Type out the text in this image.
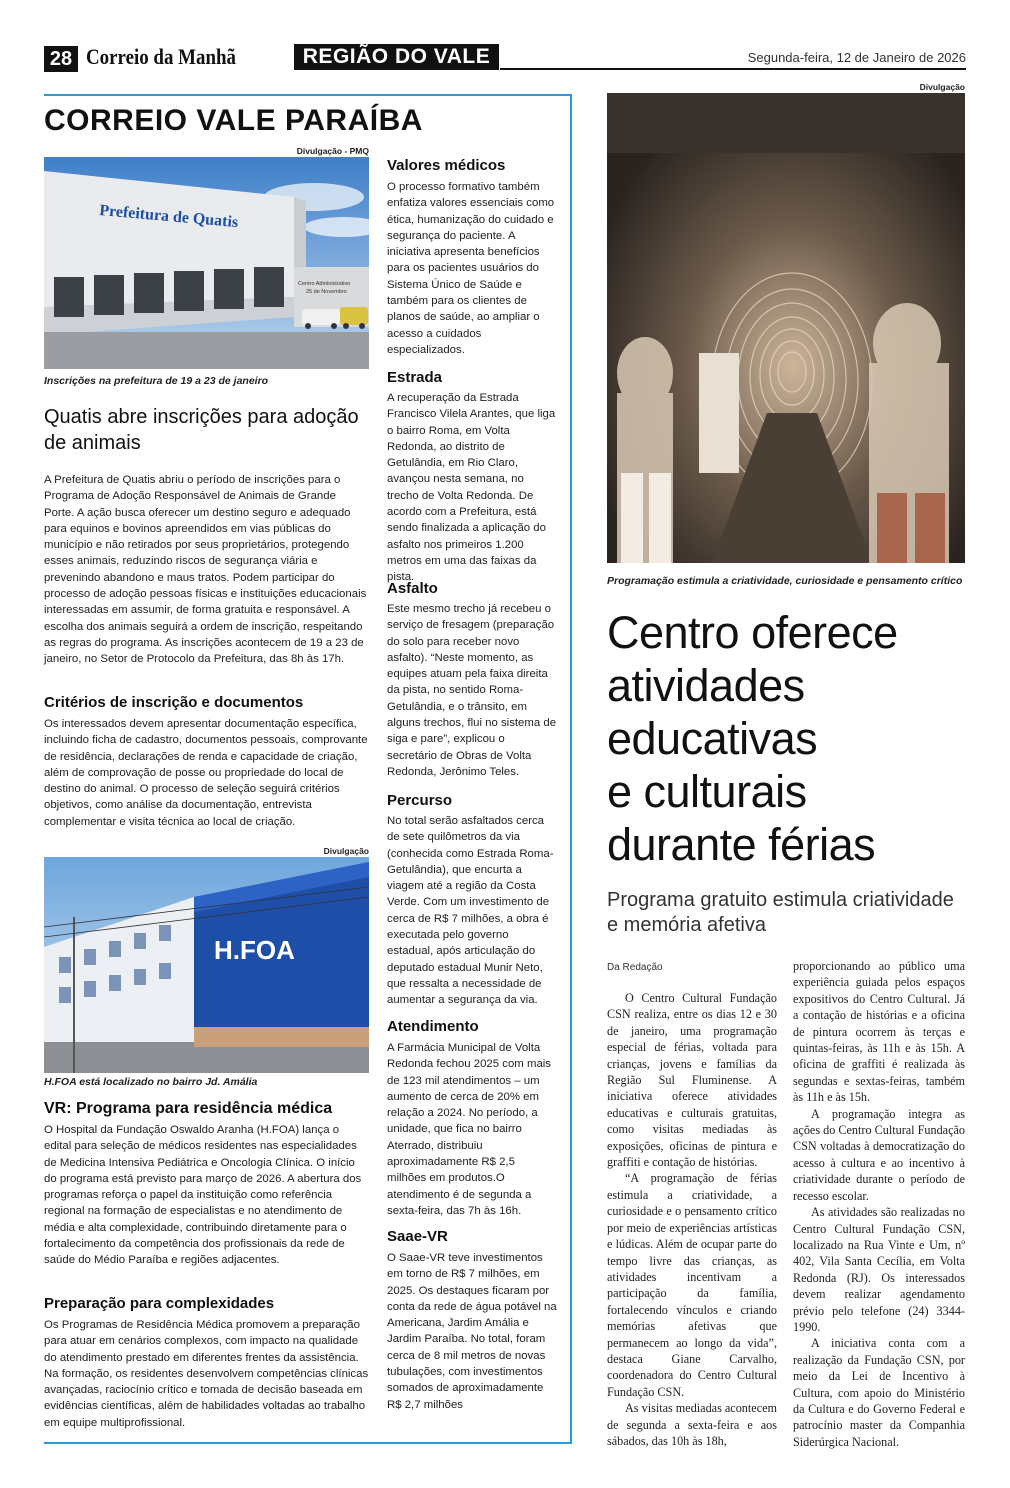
28 Correio da Manhã	REGIÃO DO VALE	Segunda-feira, 12 de Janeiro de 2026
CORREIO VALE PARAÍBA
Divulgação - PMQ
Prefeitura de Quatis
Centro Administrativo
25 de Novembro
Inscrições na prefeitura de 19 a 23 de janeiro
Quatis abre inscrições para adoção de animais

A Prefeitura de Quatis abriu o período de inscrições para o Programa de Adoção Responsável de Animais de Grande Porte. A ação busca oferecer um destino seguro e adequado para equinos e bovinos apreendidos em vias públicas do município e não retirados por seus proprietários, protegendo esses animais, reduzindo riscos de segurança viária e prevenindo abandono e maus tratos. Podem participar do processo de adoção pessoas físicas e instituições educacionais interessadas em assumir, de forma gratuita e responsável. A escolha dos animais seguirá a ordem de inscrição, respeitando as regras do programa. As inscrições acontecem de 19 a 23 de janeiro, no Setor de Protocolo da Prefeitura, das 8h às 17h.

Critérios de inscrição e documentos

Os interessados devem apresentar documentação específica, incluindo ficha de cadastro, documentos pessoais, comprovante de residência, declarações de renda e capacidade de criação, além de comprovação de posse ou propriedade do local de destino do animal. O processo de seleção seguirá critérios objetivos, como análise da documentação, entrevista complementar e visita técnica ao local de criação.

Divulgação
H.FOA
H.FOA está localizado no bairro Jd. Amália
VR: Programa para residência médica

O Hospital da Fundação Oswaldo Aranha (H.FOA) lança o edital para seleção de médicos residentes nas especialidades de Medicina Intensiva Pediátrica e Oncologia Clínica. O início do programa está previsto para março de 2026. A abertura dos programas reforça o papel da instituição como referência regional na formação de especialistas e no atendimento de média e alta complexidade, contribuindo diretamente para o fortalecimento da competência dos profissionais da rede de saúde do Médio Paraíba e regiões adjacentes.

Preparação para complexidades

Os Programas de Residência Médica promovem a preparação para atuar em cenários complexos, com impacto na qualidade do atendimento prestado em diferentes frentes da assistência. Na formação, os residentes desenvolvem competências clínicas avançadas, raciocínio crítico e tomada de decisão baseada em evidências científicas, além de habilidades voltadas ao trabalho em equipe multiprofissional.

Valores médicos

O processo formativo também enfatiza valores essenciais como ética, humanização do cuidado e segurança do paciente. A iniciativa apresenta benefícios para os pacientes usuários do Sistema Único de Saúde e também para os clientes de planos de saúde, ao ampliar o acesso a cuidados especializados.

Estrada

A recuperação da Estrada Francisco Vilela Arantes, que liga o bairro Roma, em Volta Redonda, ao distrito de Getulândia, em Rio Claro, avançou nesta semana, no trecho de Volta Redonda. De acordo com a Prefeitura, está sendo finalizada a aplicação do asfalto nos primeiros 1.200 metros em uma das faixas da pista.

Asfalto

Este mesmo trecho já recebeu o serviço de fresagem (preparação do solo para receber novo asfalto). “Neste momento, as equipes atuam pela faixa direita da pista, no sentido Roma-Getulândia, e o trânsito, em alguns trechos, flui no sistema de siga e pare”, explicou o secretário de Obras de Volta Redonda, Jerônimo Teles.

Percurso

No total serão asfaltados cerca de sete quilômetros da via (conhecida como Estrada Roma-Getulândia), que encurta a viagem até a região da Costa Verde. Com um investimento de cerca de R$ 7 milhões, a obra é executada pelo governo estadual, após articulação do deputado estadual Munir Neto, que ressalta a necessidade de aumentar a segurança da via.

Atendimento

A Farmácia Municipal de Volta Redonda fechou 2025 com mais de 123 mil atendimentos – um aumento de cerca de 20% em relação a 2024. No período, a unidade, que fica no bairro Aterrado, distribuiu aproximadamente R$ 2,5 milhões em produtos.O atendimento é de segunda a sexta-feira, das 7h às 16h.

Saae-VR

O Saae-VR teve investimentos em torno de R$ 7 milhões, em 2025. Os destaques ficaram por conta da rede de água potável na Americana, Jardim Amália e Jardim Paraíba. No total, foram cerca de 8 mil metros de novas tubulações, com investimentos somados de aproximadamente R$ 2,7 milhões

Divulgação
Programação estimula a criatividade, curiosidade e pensamento crítico
Centro oferece
atividades
educativas
e culturais
durante férias
Programa gratuito estimula criatividade e memória afetiva
Da Redação

O Centro Cultural Fundação CSN realiza, entre os dias 12 e 30 de janeiro, uma programação especial de férias, voltada para crianças, jovens e famílias da Região Sul Fluminense. A iniciativa oferece atividades educativas e culturais gratuitas, como visitas mediadas às exposições, oficinas de pintura e graffiti e contação de histórias.

“A programação de férias estimula a criatividade, a curiosidade e o pensamento crítico por meio de experiências artísticas e lúdicas. Além de ocupar parte do tempo livre das crianças, as atividades incentivam a participação da família, fortalecendo vínculos e criando memórias afetivas que permanecem ao longo da vida”, destaca Giane Carvalho, coordenadora do Centro Cultural Fundação CSN.

As visitas mediadas acontecem de segunda a sexta-feira e aos sábados, das 10h às 18h,

proporcionando ao público uma experiência guiada pelos espaços expositivos do Centro Cultural. Já a contação de histórias e a oficina de pintura ocorrem às terças e quintas-feiras, às 11h e às 15h. A oficina de graffiti é realizada às segundas e sextas-feiras, também às 11h e às 15h.

A programação integra as ações do Centro Cultural Fundação CSN voltadas à democratização do acesso à cultura e ao incentivo à criatividade durante o período de recesso escolar.

As atividades são realizadas no Centro Cultural Fundação CSN, localizado na Rua Vinte e Um, nº 402, Vila Santa Cecília, em Volta Redonda (RJ). Os interessados devem realizar agendamento prévio pelo telefone (24) 3344-1990.

A iniciativa conta com a realização da Fundação CSN, por meio da Lei de Incentivo à Cultura, com apoio do Ministério da Cultura e do Governo Federal e patrocínio master da Companhia Siderúrgica Nacional.
